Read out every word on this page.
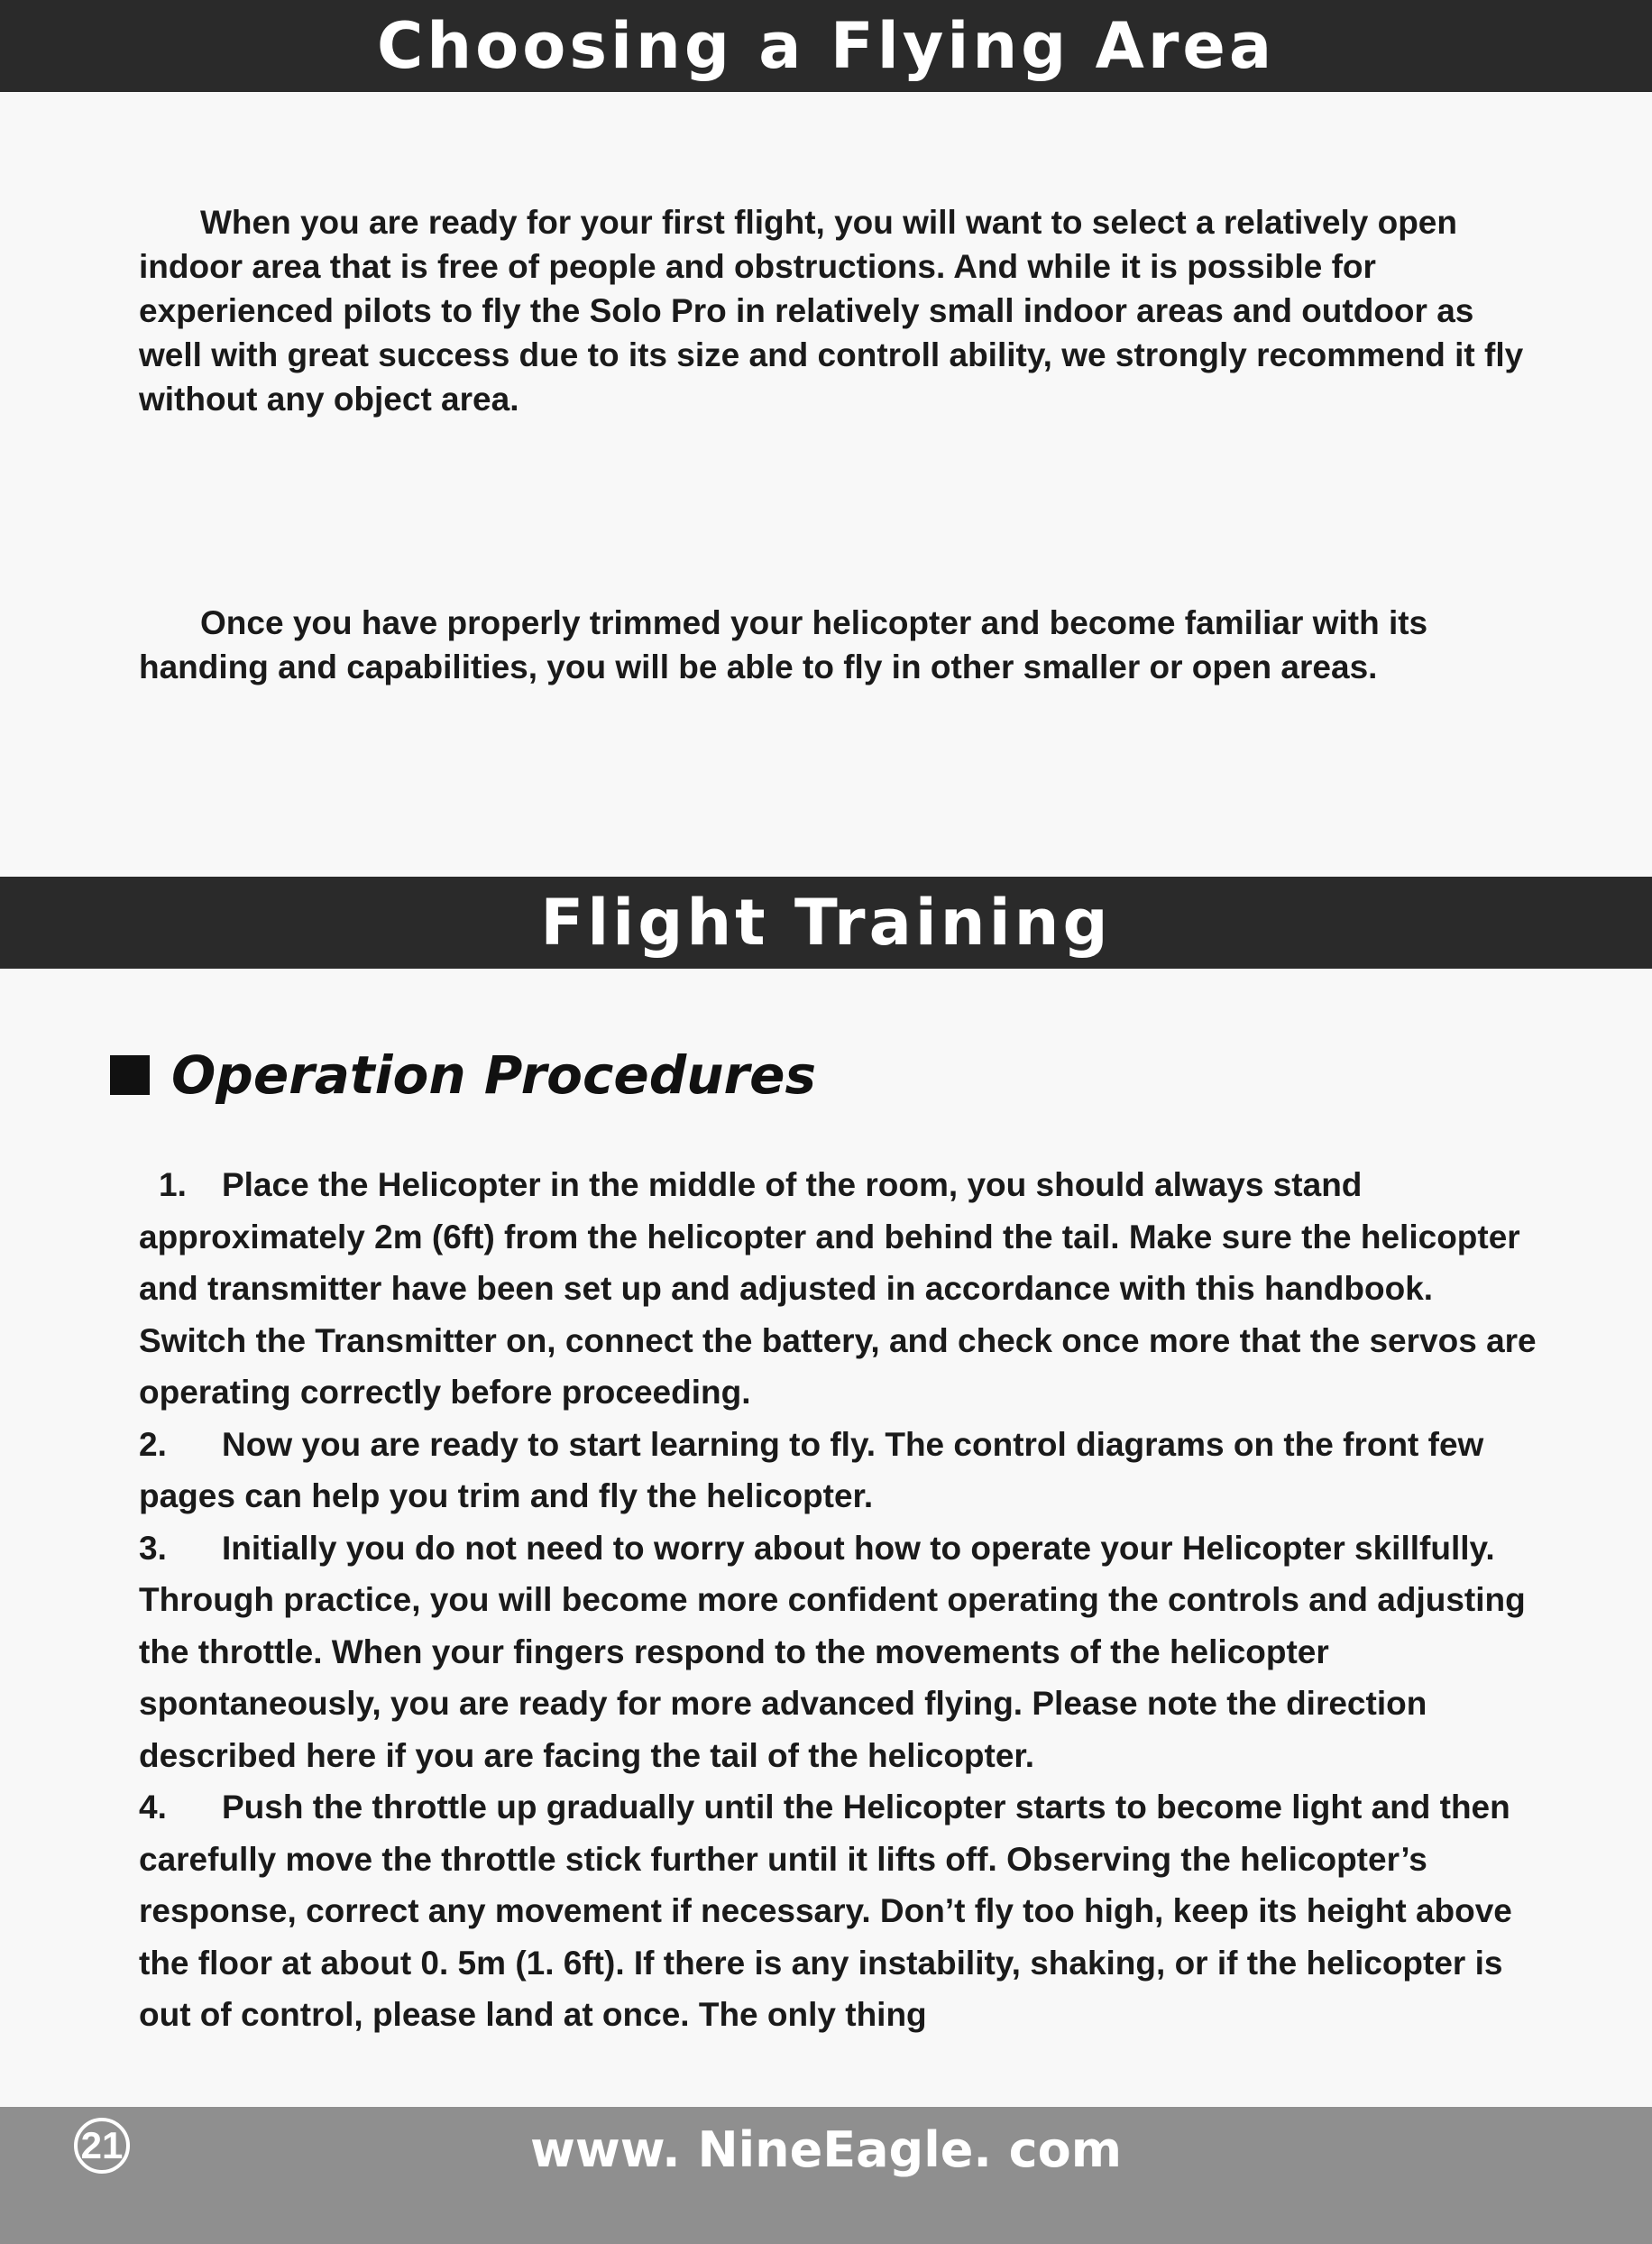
Choosing a Flying Area

When you are ready for your first flight, you will want to select a relatively open indoor area that is free of people and obstructions. And while it is possible for experienced pilots to fly the Solo Pro in relatively small indoor areas and outdoor as well with great success due to its size and controll ability, we strongly recommend it fly without any object area.

Once you have properly trimmed your helicopter and become familiar with its handing and capabilities, you will be able to fly in other smaller or open areas.

Flight Training
Operation Procedures

1. Place the Helicopter in the middle of the room, you should always stand approximately 2m (6ft) from the helicopter and behind the tail. Make sure the helicopter and transmitter have been set up and adjusted in accordance with this handbook. Switch the Transmitter on, connect the battery, and check once more that the servos are operating correctly before proceeding.

2. Now you are ready to start learning to fly. The control diagrams on the front few pages can help you trim and fly the helicopter.

3. Initially you do not need to worry about how to operate your Helicopter skillfully. Through practice, you will become more confident operating the controls and adjusting the throttle. When your fingers respond to the movements of the helicopter spontaneously, you are ready for more advanced flying. Please note the direction described here if you are facing the tail of the helicopter.

4. Push the throttle up gradually until the Helicopter starts to become light and then carefully move the throttle stick further until it lifts off. Observing the helicopter’s response, correct any movement if necessary. Don’t fly too high, keep its height above the floor at about 0. 5m (1. 6ft). If there is any instability, shaking, or if the helicopter is out of control, please land at once. The only thing

21	www. NineEagle. com
